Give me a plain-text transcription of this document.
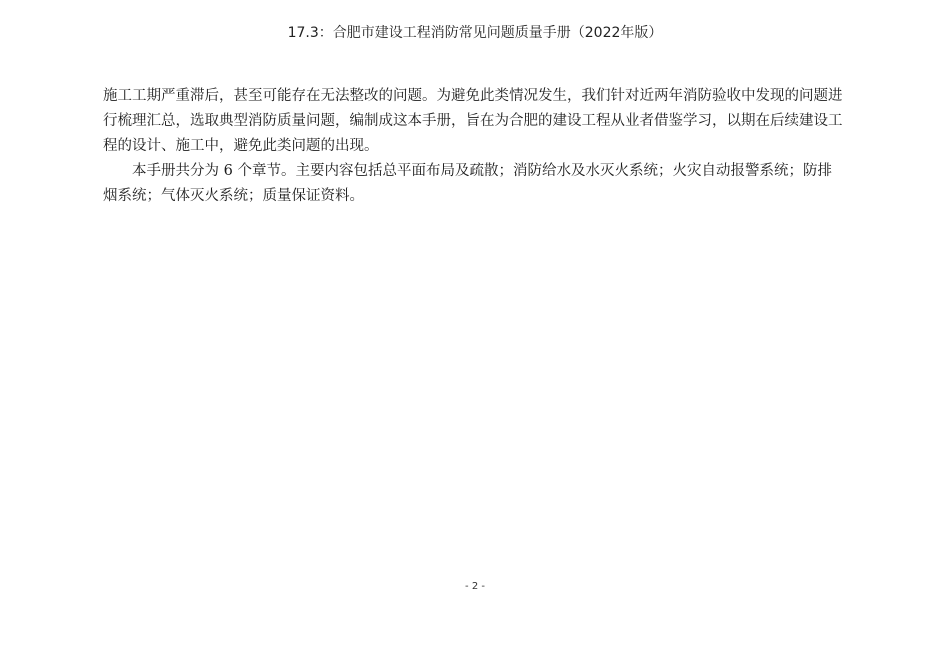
17.3：合肥市建设工程消防常见问题质量手册（2022年版）

施工工期严重滞后，甚至可能存在无法整改的问题。为避免此类情况发生，我们针对近两年消防验收中发现的问题进行梳理汇总，选取典型消防质量问题，编制成这本手册，旨在为合肥的建设工程从业者借鉴学习，以期在后续建设工程的设计、施工中，避免此类问题的出现。

本手册共分为 6 个章节。主要内容包括总平面布局及疏散；消防给水及水灭火系统；火灾自动报警系统；防排烟系统；气体灭火系统；质量保证资料。

- 2 -
